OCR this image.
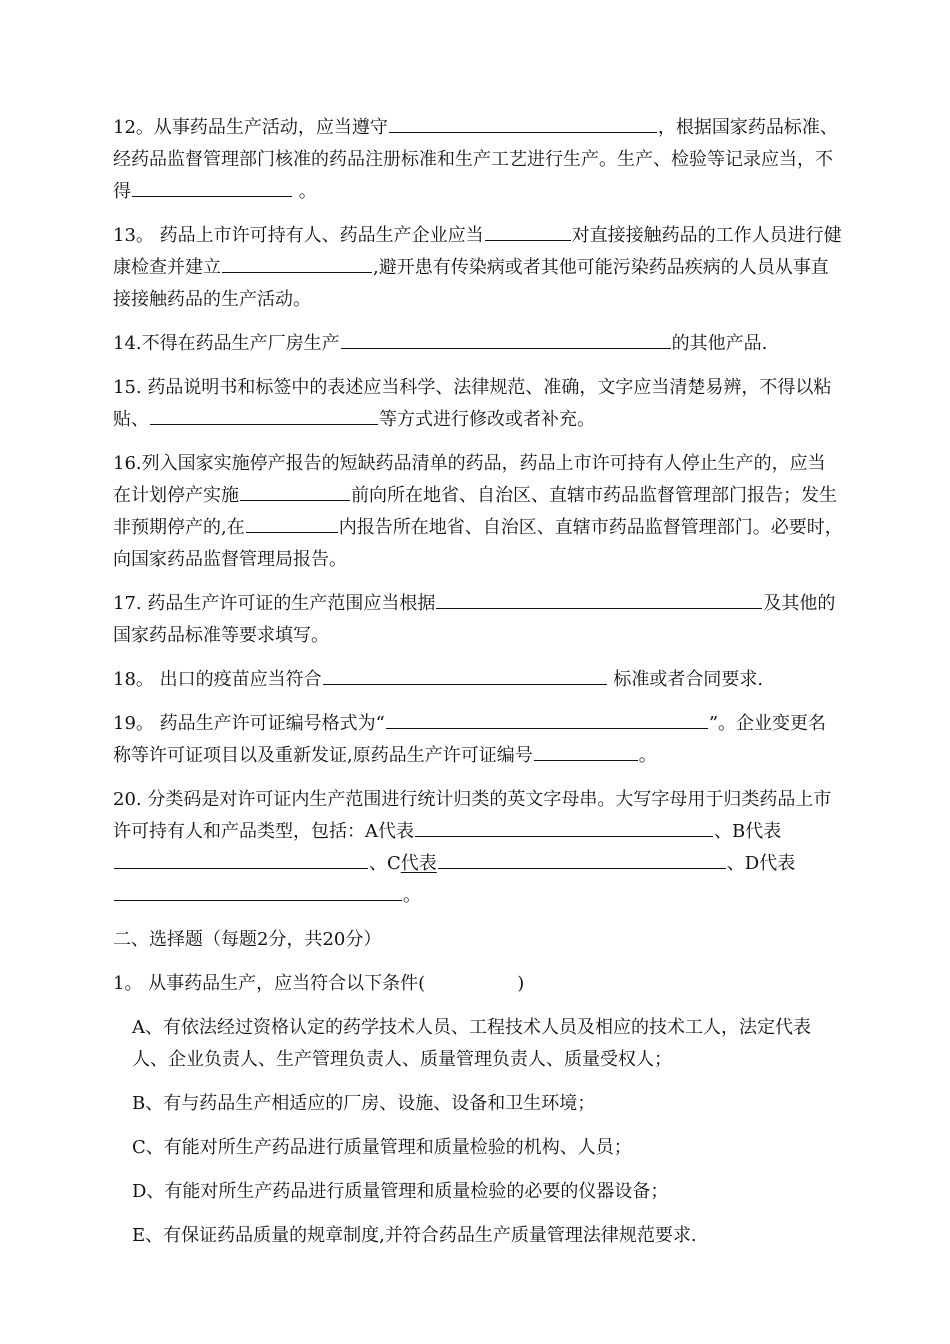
12。从事药品生产活动，应当遵守	，根据国家药品标准、经药品监督管理部门核准的药品注册标准和生产工艺进行生产。生产、检验等记录应当，不得	。

13。 药品上市许可持有人、药品生产企业应当	对直接接触药品的工作人员进行健康检查并建立	,避开患有传染病或者其他可能污染药品疾病的人员从事直接接触药品的生产活动。

14.不得在药品生产厂房生产	的其他产品.

15. 药品说明书和标签中的表述应当科学、法律规范、准确，文字应当清楚易辨，不得以粘贴、	等方式进行修改或者补充。

16.列入国家实施停产报告的短缺药品清单的药品，药品上市许可持有人停止生产的，应当在计划停产实施	前向所在地省、自治区、直辖市药品监督管理部门报告；发生非预期停产的,在	内报告所在地省、自治区、直辖市药品监督管理部门。必要时，向国家药品监督管理局报告。

17. 药品生产许可证的生产范围应当根据	及其他的国家药品标准等要求填写。

18。 出口的疫苗应当符合	标准或者合同要求.

19。 药品生产许可证编号格式为“	”。企业变更名称等许可证项目以及重新发证,原药品生产许可证编号	。

20. 分类码是对许可证内生产范围进行统计归类的英文字母串。大写字母用于归类药品上市许可持有人和产品类型，包括：A代表	、B代表、C代表	、D代表。

二、选择题（每题2分，共20分）

1。 从事药品生产，应当符合以下条件(	)

A、有依法经过资格认定的药学技术人员、工程技术人员及相应的技术工人，法定代表人、企业负责人、生产管理负责人、质量管理负责人、质量受权人；

B、有与药品生产相适应的厂房、设施、设备和卫生环境；

C、有能对所生产药品进行质量管理和质量检验的机构、人员；

D、有能对所生产药品进行质量管理和质量检验的必要的仪器设备；

E、有保证药品质量的规章制度,并符合药品生产质量管理法律规范要求.
